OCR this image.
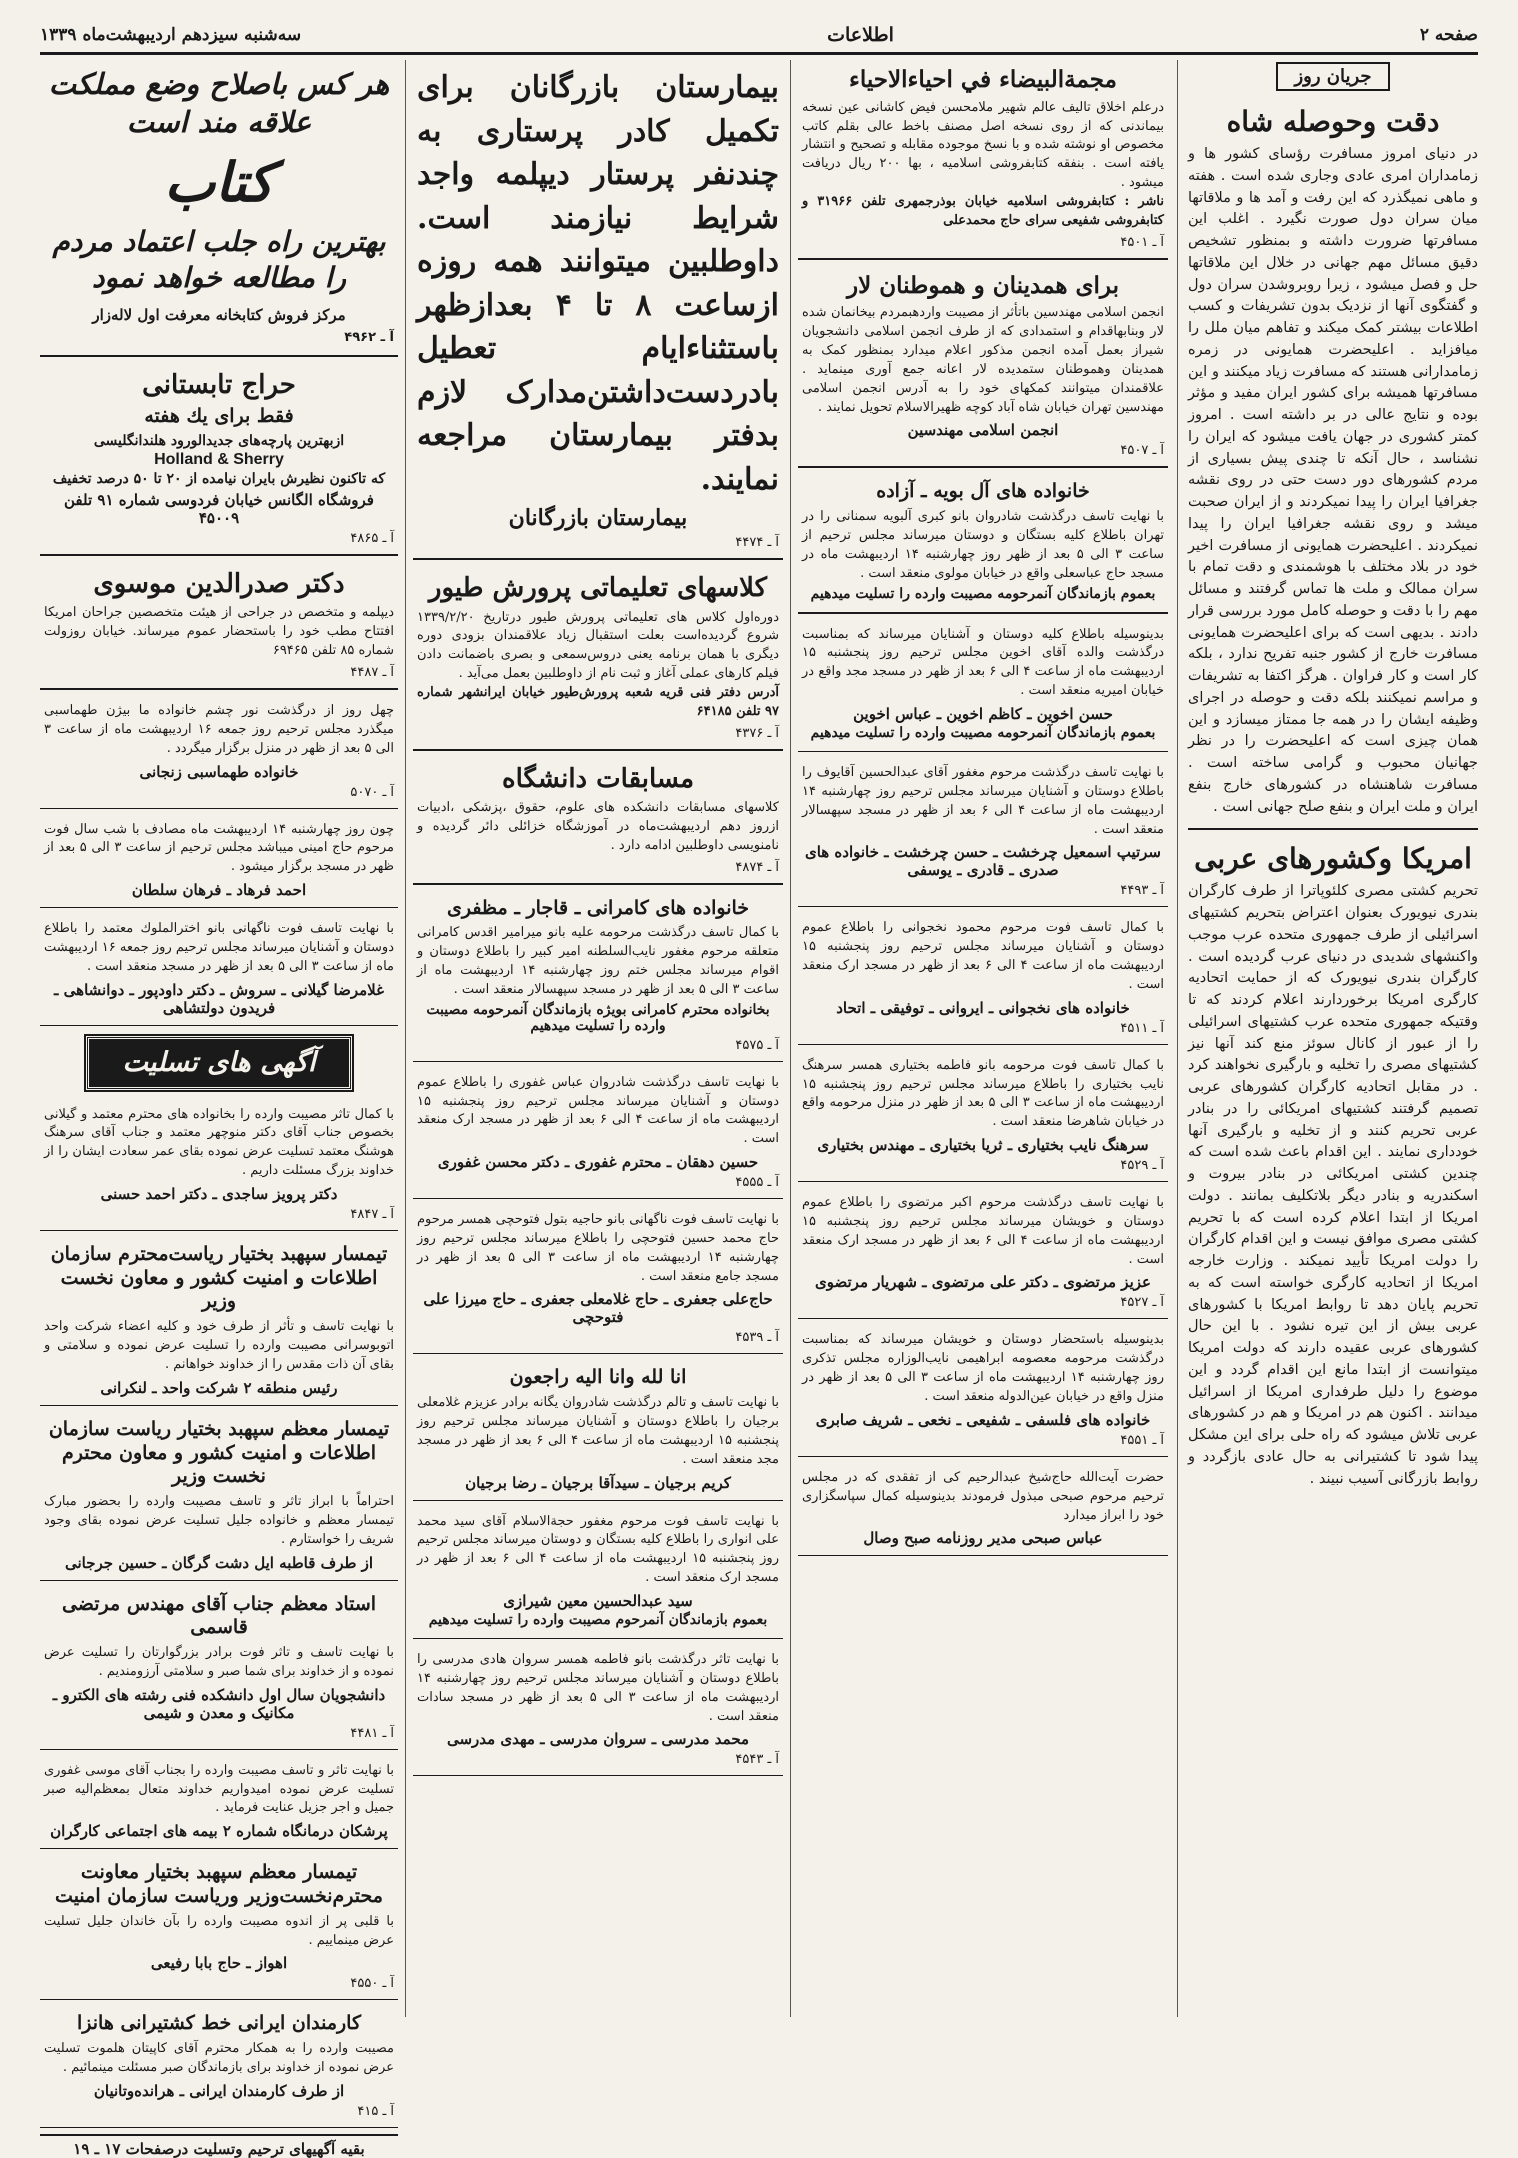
صفحه ۲
اطلاعات
سه‌شنبه سیزدهم اردیبهشت‌ماه ۱۳۳۹
جریان روز
دقت وحوصله شاه

در دنیای امروز مسافرت رؤسای کشور ها و زمامداران امری عادی وجاری شده است . هفته و ماهی نمیگذرد که این رفت و آمد ها و ملاقاتها میان سران دول صورت نگیرد . اغلب این مسافرتها ضرورت داشته و بمنظور تشخیص دقیق مسائل مهم جهانی در خلال این ملاقاتها حل و فصل میشود ، زیرا روبروشدن سران دول و گفتگوی آنها از نزدیک بدون تشریفات و کسب اطلاعات بیشتر کمک میکند و تفاهم میان ملل را میافزاید . اعلیحضرت همایونی در زمره زمامدارانی هستند که مسافرت زیاد میکنند و این مسافرتها همیشه برای کشور ایران مفید و مؤثر بوده و نتایج عالی در بر داشته است . امروز کمتر کشوری در جهان یافت میشود که ایران را نشناسد ، حال آنکه تا چندی پیش بسیاری از مردم کشورهای دور دست حتی در روی نقشه جغرافیا ایران را پیدا نمیکردند و از ایران صحبت میشد و روی نقشه جغرافیا ایران را پیدا نمیکردند . اعلیحضرت همایونی از مسافرت اخیر خود در بلاد مختلف با هوشمندی و دقت تمام با سران ممالک و ملت ها تماس گرفتند و مسائل مهم را با دقت و حوصله کامل مورد بررسی قرار دادند . بدیهی است که برای اعلیحضرت همایونی مسافرت خارج از کشور جنبه تفریح ندارد ، بلکه کار است و کار فراوان . هرگز اکتفا به تشریفات و مراسم نمیکنند بلکه دقت و حوصله در اجرای وظیفه ایشان را در همه جا ممتاز میسازد و این همان چیزی است که اعلیحضرت را در نظر جهانیان محبوب و گرامی ساخته است . مسافرت شاهنشاه در کشورهای خارج بنفع ایران و ملت ایران و بنفع صلح جهانی است .

امریکا وکشورهای عربی

تحریم کشتی مصری کلئوپاترا از طرف کارگران بندری نیویورک بعنوان اعتراض بتحریم کشتیهای اسرائیلی از طرف جمهوری متحده عرب موجب واکنشهای شدیدی در دنیای عرب گردیده است . کارگران بندری نیویورک که از حمایت اتحادیه کارگری امریکا برخوردارند اعلام کردند که تا وقتیکه جمهوری متحده عرب کشتیهای اسرائیلی را از عبور از کانال سوئز منع کند آنها نیز کشتیهای مصری را تخلیه و بارگیری نخواهند کرد . در مقابل اتحادیه کارگران کشورهای عربی تصمیم گرفتند کشتیهای امریکائی را در بنادر عربی تحریم کنند و از تخلیه و بارگیری آنها خودداری نمایند . این اقدام باعث شده است که چندین کشتی امریکائی در بنادر بیروت و اسکندریه و بنادر دیگر بلاتکلیف بمانند . دولت امریکا از ابتدا اعلام کرده است که با تحریم کشتی مصری موافق نیست و این اقدام کارگران را دولت امریکا تأیید نمیکند . وزارت خارجه امریکا از اتحادیه کارگری خواسته است که به تحریم پایان دهد تا روابط امریکا با کشورهای عربی بیش از این تیره نشود . با این حال کشورهای عربی عقیده دارند که دولت امریکا میتوانست از ابتدا مانع این اقدام گردد و این موضوع را دلیل طرفداری امریکا از اسرائیل میدانند . اکنون هم در امریکا و هم در کشورهای عربی تلاش میشود که راه حلی برای این مشکل پیدا شود تا کشتیرانی به حال عادی بازگردد و روابط بازرگانی آسیب نبیند .

مجمةالبيضاء في احياءالاحياء

درعلم اخلاق تالیف عالم شهیر ملامحسن فیض کاشانی عین نسخه بیماندنی که از روی نسخه اصل مصنف باخط عالی بقلم کاتب مخصوص او نوشته شده و با نسخ موجوده مقابله و تصحیح و انتشار یافته است . بنفقه کتابفروشی اسلامیه ، بها ۲۰۰ ریال دریافت میشود .

ناشر : کتابفروشی اسلامیه خیابان بوذرجمهری تلفن ۳۱۹۶۶ و کتابفروشی شفیعی سرای حاج محمدعلی

آ ـ ۴۵۰۱
برای همدینان و هموطنان لار

انجمن اسلامی مهندسین باتأثر از مصیبت واردهبمردم بیخانمان شده لار وبنابهاقدام و استمدادی که از طرف انجمن اسلامی دانشجویان شیراز بعمل آمده انجمن مذکور اعلام میدارد بمنظور کمک به همدینان وهموطنان ستمدیده لار اعانه جمع آوری مینماید . علاقمندان میتوانند کمکهای خود را به آدرس انجمن اسلامی مهندسین تهران خیابان شاه آباد کوچه ظهیرالاسلام تحویل نمایند .

انجمن اسلامی مهندسین
آ ـ ۴۵۰۷
خانواده های آل بویه ـ آزاده

با نهایت تاسف درگذشت شادروان بانو کبری آلبویه سمنانی را در تهران باطلاع کلیه بستگان و دوستان میرساند مجلس ترحیم از ساعت ۳ الی ۵ بعد از ظهر روز چهارشنبه ۱۴ اردیبهشت ماه در مسجد حاج عباسعلی واقع در خیابان مولوی منعقد است .

بعموم بازماندگان آنمرحومه مصیبت وارده را تسلیت میدهیم

بدینوسیله باطلاع کلیه دوستان و آشنایان میرساند که بمناسبت درگذشت والده آقای اخوین مجلس ترحیم روز پنجشنبه ۱۵ اردیبهشت ماه از ساعت ۴ الی ۶ بعد از ظهر در مسجد مجد واقع در خیابان امیریه منعقد است .

حسن اخوین ـ کاظم اخوین ـ عباس اخوین
بعموم بازماندگان آنمرحومه مصیبت وارده را تسلیت میدهیم

با نهایت تاسف درگذشت مرحوم مغفور آقای عبدالحسین آقایوف را باطلاع دوستان و آشنایان میرساند مجلس ترحیم روز چهارشنبه ۱۴ اردیبهشت ماه از ساعت ۴ الی ۶ بعد از ظهر در مسجد سپهسالار منعقد است .

سرتیپ اسمعیل چرخشت ـ حسن چرخشت ـ خانواده های صدری ـ قادری ـ یوسفی
آ ـ ۴۴۹۳

با کمال تاسف فوت مرحوم محمود نخجوانی را باطلاع عموم دوستان و آشنایان میرساند مجلس ترحیم روز پنجشنبه ۱۵ اردیبهشت ماه از ساعت ۴ الی ۶ بعد از ظهر در مسجد ارک منعقد است .

خانواده های نخجوانی ـ ایروانی ـ توفیقی ـ اتحاد
آ ـ ۴۵۱۱

با کمال تاسف فوت مرحومه بانو فاطمه بختیاری همسر سرهنگ نایب بختیاری را باطلاع میرساند مجلس ترحیم روز پنجشنبه ۱۵ اردیبهشت ماه از ساعت ۳ الی ۵ بعد از ظهر در منزل مرحومه واقع در خیابان شاهرضا منعقد است .

سرهنگ نایب بختیاری ـ ثریا بختیاری ـ مهندس بختیاری
آ ـ ۴۵۲۹

با نهایت تاسف درگذشت مرحوم اکبر مرتضوی را باطلاع عموم دوستان و خویشان میرساند مجلس ترحیم روز پنجشنبه ۱۵ اردیبهشت ماه از ساعت ۴ الی ۶ بعد از ظهر در مسجد ارک منعقد است .

عزیز مرتضوی ـ دکتر علی مرتضوی ـ شهریار مرتضوی
آ ـ ۴۵۲۷

بدینوسیله باستحضار دوستان و خویشان میرساند که بمناسبت درگذشت مرحومه معصومه ابراهیمی نایب‌الوزاره مجلس تذکری روز چهارشنبه ۱۴ اردیبهشت ماه از ساعت ۳ الی ۵ بعد از ظهر در منزل واقع در خیابان عین‌الدوله منعقد است .

خانواده های فلسفی ـ شفیعی ـ نخعی ـ شریف صابری
آ ـ ۴۵۵۱

حضرت آیت‌الله حاج‌شیخ عبدالرحیم کی از تفقدی که در مجلس ترحیم مرحوم صبحی مبذول فرمودند بدینوسیله کمال سپاسگزاری خود را ابراز میدارد

عباس صبحی مدیر روزنامه صبح وصال
بیمارستان بازرگانان برای تکمیل کادر پرستاری به چندنفر پرستار دیپلمه واجد شرایط نیازمند است. داوطلبین میتوانند همه روزه ازساعت ۸ تا ۴ بعدازظهر باستثناءایام تعطیل بادردست‌داشتن‌مدارک لازم بدفتر بیمارستان مراجعه نمایند.
بیمارستان بازرگانان
آ ـ ۴۴۷۴
کلاسهای تعلیماتی پرورش طیور

دوره‌اول کلاس های تعلیماتی پرورش طیور درتاریخ ۱۳۳۹/۲/۲۰ شروع گردیده‌است بعلت استقبال زیاد علاقمندان بزودی دوره دیگری با همان برنامه یعنی دروس‌سمعی و بصری باضمانت دادن فیلم کارهای عملی آغاز و ثبت نام از داوطلبین بعمل می‌آید .

آدرس دفتر فنی قریه شعبه پرورش‌طیور خیابان ایرانشهر شماره ۹۷ تلفن ۶۴۱۸۵

آ ـ ۴۳۷۶
مسابقات دانشگاه

کلاسهای مسابقات دانشکده های علوم، حقوق ،پزشکی ،ادبیات ازروز دهم اردیبهشت‌ماه در آموزشگاه خزائلی دائر گردیده و نامنویسی داوطلبین ادامه دارد .

آ ـ ۴۸۷۴
خانواده های کامرانی ـ قاجار ـ مظفری

با کمال تاسف درگذشت مرحومه علیه بانو میرامیر اقدس کامرانی متعلقه مرحوم مغفور نایب‌السلطنه امیر کبیر را باطلاع دوستان و اقوام میرساند مجلس ختم روز چهارشنبه ۱۴ اردیبهشت ماه از ساعت ۳ الی ۵ بعد از ظهر در مسجد سپهسالار منعقد است .

بخانواده محترم کامرانی بویژه بازماندگان آنمرحومه مصیبت وارده را تسلیت میدهیم
آ ـ ۴۵۷۵

با نهایت تاسف درگذشت شادروان عباس غفوری را باطلاع عموم دوستان و آشنایان میرساند مجلس ترحیم روز پنجشنبه ۱۵ اردیبهشت ماه از ساعت ۴ الی ۶ بعد از ظهر در مسجد ارک منعقد است .

حسین دهقان ـ محترم غفوری ـ دکتر محسن غفوری
آ ـ ۴۵۵۵

با نهایت تاسف فوت ناگهانی بانو حاجیه بتول فتوحچی همسر مرحوم حاج محمد حسین فتوحچی را باطلاع میرساند مجلس ترحیم روز چهارشنبه ۱۴ اردیبهشت ماه از ساعت ۳ الی ۵ بعد از ظهر در مسجد جامع منعقد است .

حاج‌علی جعفری ـ حاج غلامعلی جعفری ـ حاج میرزا علی فتوحچی
آ ـ ۴۵۳۹
انا لله وانا الیه راجعون

با نهایت تاسف و تالم درگذشت شادروان یگانه برادر عزیزم غلامعلی برجیان را باطلاع دوستان و آشنایان میرساند مجلس ترحیم روز پنجشنبه ۱۵ اردیبهشت ماه از ساعت ۴ الی ۶ بعد از ظهر در مسجد مجد منعقد است .

کریم برجیان ـ سیدآقا برجیان ـ رضا برجیان

با نهایت تاسف فوت مرحوم مغفور حجة‌الاسلام آقای سید محمد علی انواری را باطلاع کلیه بستگان و دوستان میرساند مجلس ترحیم روز پنجشنبه ۱۵ اردیبهشت ماه از ساعت ۴ الی ۶ بعد از ظهر در مسجد ارک منعقد است .

سید عبدالحسین معین شیرازی
بعموم بازماندگان آنمرحوم مصیبت وارده را تسلیت میدهیم

با نهایت تاثر درگذشت بانو فاطمه همسر سروان هادی مدرسی را باطلاع دوستان و آشنایان میرساند مجلس ترحیم روز چهارشنبه ۱۴ اردیبهشت ماه از ساعت ۳ الی ۵ بعد از ظهر در مسجد سادات منعقد است .

محمد مدرسی ـ سروان مدرسی ـ مهدی مدرسی
آ ـ ۴۵۴۳
هر کس باصلاح وضع مملکت علاقه مند است
کتاب
بهترین راه جلب اعتماد مردم را مطالعه خواهد نمود
مرکز فروش کتابخانه معرفت اول لاله‌زار
آ ـ ۴۹۶۲
حراج تابستانی
فقط برای یك هفته
ازبهترین پارچه‌های جدیدالورود هلندانگلیسی
Holland & Sherry
که تاکنون نظیرش بایران نیامده از ۲۰ تا ۵۰ درصد تخفیف
فروشگاه الگانس خیابان فردوسی شماره ۹۱ تلفن ۴۵۰۰۹
آ ـ ۴۸۶۵
دکتر صدرالدین موسوی

دیپلمه و متخصص در جراحی از هیئت متخصصین جراحان امریکا افتتاح مطب خود را باستحضار عموم میرساند. خیابان روزولت شماره ۸۵ تلفن ۶۹۴۶۵

آ ـ ۴۴۸۷

چهل روز از درگذشت نور چشم خانواده ما بیژن طهماسبی میگذرد مجلس ترحیم روز جمعه ۱۶ اردیبهشت ماه از ساعت ۳ الی ۵ بعد از ظهر در منزل برگزار میگردد .

خانواده طهماسبی زنجانی
آ ـ ۵۰۷۰

چون روز چهارشنبه ۱۴ اردیبهشت ماه مصادف با شب سال فوت مرحوم حاج امینی میباشد مجلس ترحیم از ساعت ۳ الی ۵ بعد از ظهر در مسجد برگزار میشود .

احمد فرهاد ـ فرهان سلطان

با نهایت تاسف فوت ناگهانی بانو اخترالملوك معتمد را باطلاع دوستان و آشنایان میرساند مجلس ترحیم روز جمعه ۱۶ اردیبهشت ماه از ساعت ۳ الی ۵ بعد از ظهر در مسجد منعقد است .

غلامرضا گیلانی ـ سروش ـ دکتر داودپور ـ دوانشاهی ـ فریدون دولتشاهی
آگهی های تسلیت

با کمال تاثر مصیبت وارده را بخانواده های محترم معتمد و گیلانی بخصوص جناب آقای دکتر منوچهر معتمد و جناب آقای سرهنگ هوشنگ معتمد تسلیت عرض نموده بقای عمر سعادت ایشان را از خداوند بزرگ مسئلت داریم .

دکتر پرویز ساجدی ـ دکتر احمد حسنی
آ ـ ۴۸۴۷
تیمسار سپهبد بختیار ریاست‌محترم سازمان اطلاعات و امنیت کشور و معاون نخست وزیر

با نهایت تاسف و تأثر از طرف خود و کلیه اعضاء شرکت واحد اتوبوسرانی مصیبت وارده را تسلیت عرض نموده و سلامتی و بقای آن ذات مقدس را از خداوند خواهانم .

رئیس منطقه ۲ شرکت واحد ـ لنکرانی
تیمسار معظم سپهبد بختیار ریاست سازمان اطلاعات و امنیت کشور و معاون محترم نخست وزیر

احتراماً با ابراز تاثر و تاسف مصیبت وارده را بحضور مبارک تیمسار معظم و خانواده جلیل تسلیت عرض نموده بقای وجود شریف را خواستارم .

از طرف قاطبه ایل دشت گرگان ـ حسین جرجانی
استاد معظم جناب آقای مهندس مرتضی قاسمی

با نهایت تاسف و تاثر فوت برادر بزرگوارتان را تسلیت عرض نموده و از خداوند برای شما صبر و سلامتی آرزومندیم .

دانشجویان سال اول دانشکده فنی رشته های الکترو ـ مکانیک و معدن و شیمی
آ ـ ۴۴۸۱

با نهایت تاثر و تاسف مصیبت وارده را بجناب آقای موسی غفوری تسلیت عرض نموده امیدواریم خداوند متعال بمعظم‌الیه صبر جمیل و اجر جزیل عنایت فرماید .

پرشکان درمانگاه شماره ۲ بیمه های اجتماعی کارگران
تیمسار معظم سپهبد بختیار معاونت محترم‌نخست‌وزیر وریاست سازمان امنیت

با قلبی پر از اندوه مصیبت وارده را بآن خاندان جلیل تسلیت عرض مینماییم .

اهواز ـ حاج بابا رفیعی
آ ـ ۴۵۵۰
کارمندان ایرانی خط کشتیرانی هانزا

مصیبت وارده را به همکار محترم آقای کاپیتان هلموت تسلیت عرض نموده از خداوند برای بازماندگان صبر مسئلت مینمائیم .

از طرف کارمندان ایرانی ـ هرانده‌وتانیان
آ ـ ۴۱۵
بقیه آگهیهای ترحیم وتسلیت درصفحات ۱۷ ـ ۱۹
